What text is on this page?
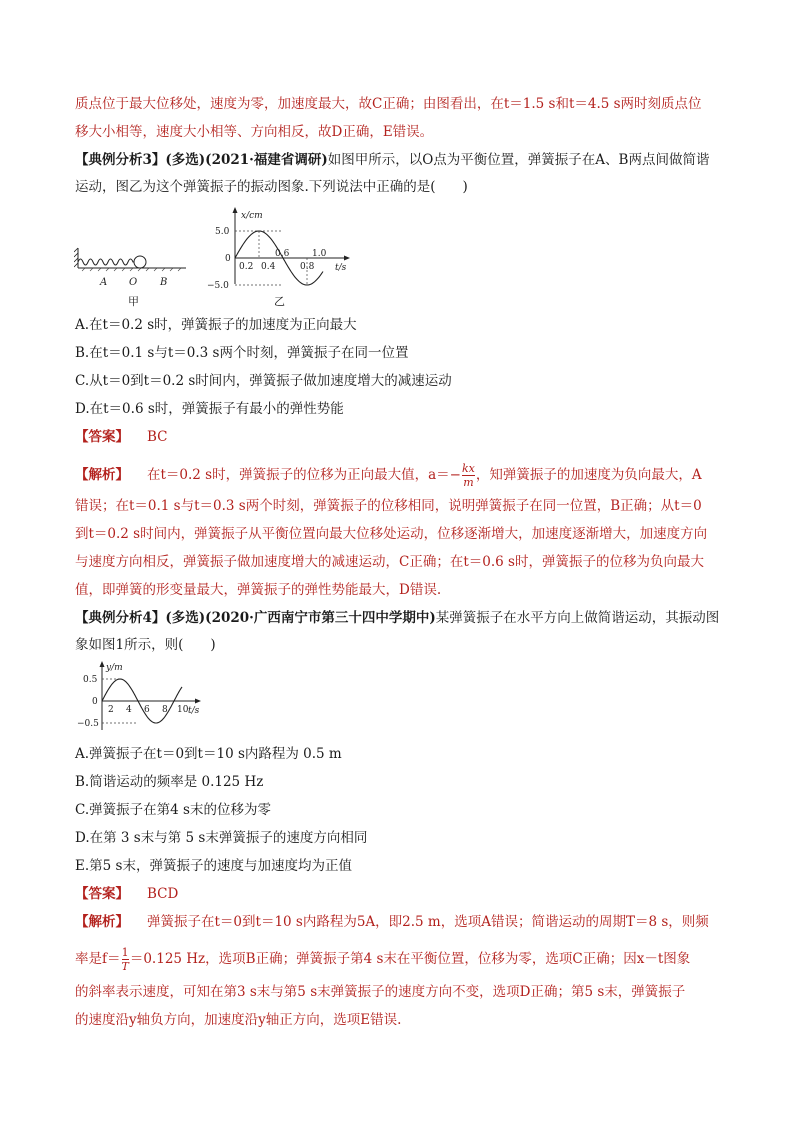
质点位于最大位移处，速度为零，加速度最大，故C正确；由图看出，在t＝1.5 s和t＝4.5 s两时刻质点位
移大小相等，速度大小相等、方向相反，故D正确，E错误。
【典例分析3】(多选)(2021·福建省调研)如图甲所示，以O点为平衡位置，弹簧振子在A、B两点间做简谐
运动，图乙为这个弹簧振子的振动图象.下列说法中正确的是(　　)
A O B
甲
x/cm
t/s
5.0
0
−5.0
0.2 0.4
0.6
0.8
1.0
乙
A.在t＝0.2 s时，弹簧振子的加速度为正向最大
B.在t＝0.1 s与t＝0.3 s两个时刻，弹簧振子在同一位置
C.从t＝0到t＝0.2 s时间内，弹簧振子做加速度增大的减速运动
D.在t＝0.6 s时，弹簧振子有最小的弹性势能
【答案】 BC
【解析】 在t＝0.2 s时，弹簧振子的位移为正向最大值，$a=- \frac{kx}{m}$ ，知弹簧振子的加速度为负向最大，A
错误；在t＝0.1 s与t＝0.3 s两个时刻，弹簧振子的位移相同，说明弹簧振子在同一位置，B正确；从t＝0
到t＝0.2 s时间内，弹簧振子从平衡位置向最大位移处运动，位移逐渐增大，加速度逐渐增大，加速度方向
与速度方向相反，弹簧振子做加速度增大的减速运动，C正确；在t＝0.6 s时，弹簧振子的位移为负向最大
值，即弹簧的形变量最大，弹簧振子的弹性势能最大，D错误.
【典例分析4】(多选)(2020·广西南宁市第三十四中学期中)某弹簧振子在水平方向上做简谐运动，其振动图
象如图1所示，则(　　)
y/m
t/s
0.5
0
−0.5
2 4 6 8 10
A.弹簧振子在t＝0到t＝10 s内路程为 0.5 m
B.简谐运动的频率是 0.125 Hz
C.弹簧振子在第4 s末的位移为零
D.在第 3 s末与第 5 s末弹簧振子的速度方向相同
E.第5 s末，弹簧振子的速度与加速度均为正值
【答案】 BCD
【解析】 弹簧振子在t＝0到t＝10 s内路程为5A，即2.5 m，选项A错误；简谐运动的周期T＝8 s，则频
率是$f= \frac{1}{T} =0.125$ Hz，选项B正确；弹簧振子第4 s末在平衡位置，位移为零，选项C正确；因x－t图象
的斜率表示速度，可知在第3 s末与第5 s末弹簧振子的速度方向不变，选项D正确；第5 s末，弹簧振子
的速度沿y轴负方向，加速度沿y轴正方向，选项E错误.
